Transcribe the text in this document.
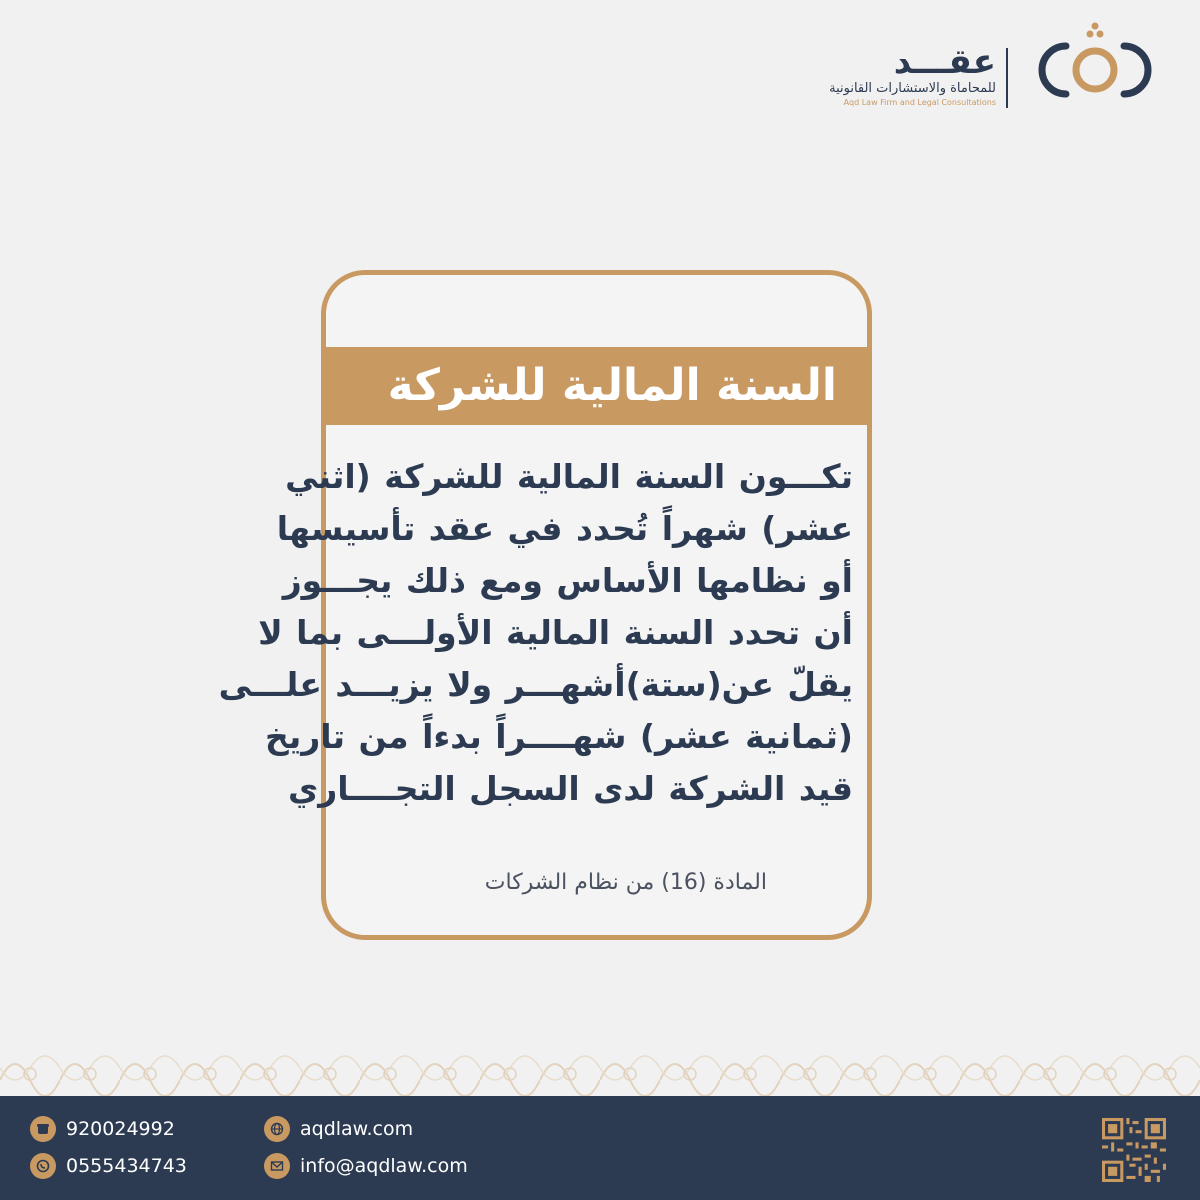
عقـــد
للمحاماة والاستشارات القانونية
Aqd Law Firm and Legal Consultations
السنة المالية للشركة
تكـــون السنة المالية للشركة (اثني
عشر) شهراً تُحدد في عقد تأسيسها
أو نظامها الأساس ومع ذلك يجـــوز
أن تحدد السنة المالية الأولـــى بما لا
يقلّ عن(ستة)أشهـــر ولا يزيـــد علـــى
(ثمانية عشر) شهــــراً بدءاً من تاريخ
قيد الشركة لدى السجل التجــــاري
المادة (16) من نظام الشركات
920024992
0555434743
aqdlaw.com
info@aqdlaw.com
